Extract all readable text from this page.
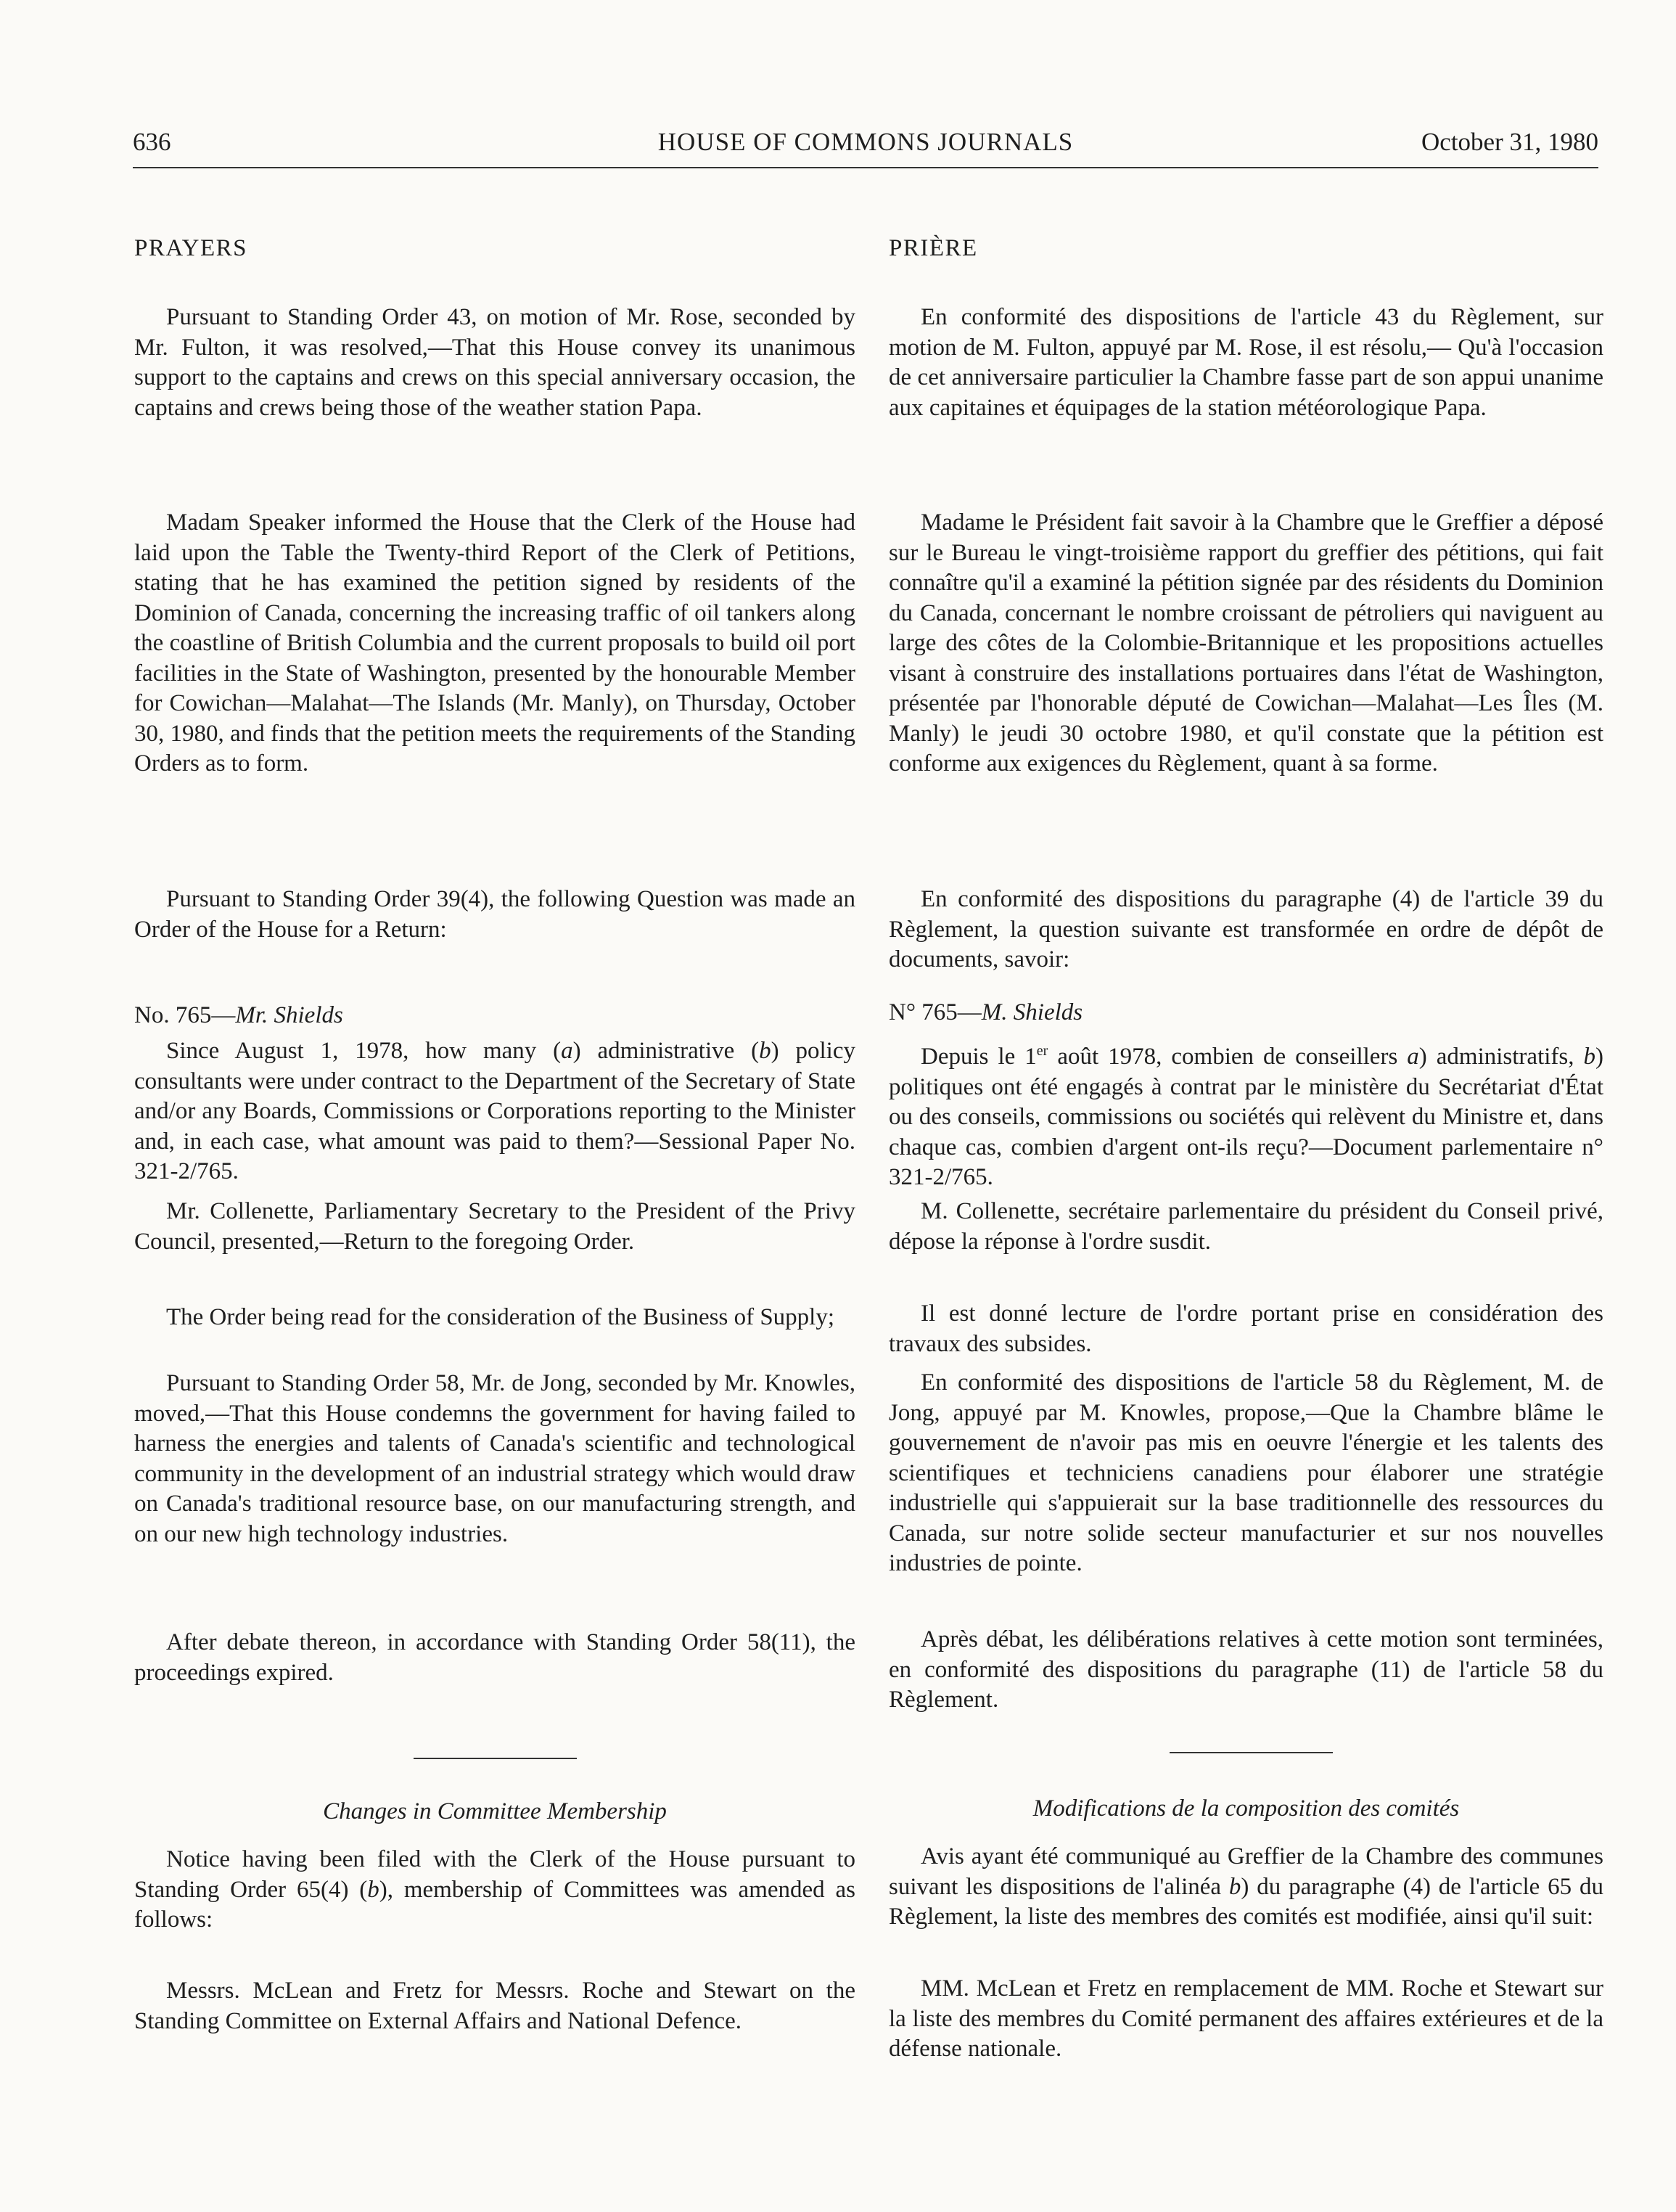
636	HOUSE OF COMMONS JOURNALS	October 31, 1980

PRAYERS

Pursuant to Standing Order 43, on motion of Mr. Rose, seconded by Mr. Fulton, it was resolved,—That this House convey its unanimous support to the captains and crews on this special anniversary occasion, the captains and crews being those of the weather station Papa.

Madam Speaker informed the House that the Clerk of the House had laid upon the Table the Twenty-third Report of the Clerk of Petitions, stating that he has examined the petition signed by residents of the Dominion of Canada, concerning the increasing traffic of oil tankers along the coastline of British Columbia and the current proposals to build oil port facilities in the State of Washington, presented by the honourable Member for Cowichan—Malahat—The Islands (Mr. Manly), on Thursday, October 30, 1980, and finds that the petition meets the requirements of the Standing Orders as to form.

Pursuant to Standing Order 39(4), the following Question was made an Order of the House for a Return:

No. 765—Mr. Shields

Since August 1, 1978, how many (a) administrative (b) policy consultants were under contract to the Department of the Secretary of State and/or any Boards, Commissions or Corporations reporting to the Minister and, in each case, what amount was paid to them?—Sessional Paper No. 321-2/765.

Mr. Collenette, Parliamentary Secretary to the President of the Privy Council, presented,—Return to the foregoing Order.

The Order being read for the consideration of the Business of Supply;

Pursuant to Standing Order 58, Mr. de Jong, seconded by Mr. Knowles, moved,—That this House condemns the government for having failed to harness the energies and talents of Canada's scientific and technological community in the development of an industrial strategy which would draw on Canada's traditional resource base, on our manufacturing strength, and on our new high technology industries.

After debate thereon, in accordance with Standing Order 58(11), the proceedings expired.

Changes in Committee Membership

Notice having been filed with the Clerk of the House pursuant to Standing Order 65(4) (b), membership of Committees was amended as follows:

Messrs. McLean and Fretz for Messrs. Roche and Stewart on the Standing Committee on External Affairs and National Defence.

PRIÈRE

En conformité des dispositions de l'article 43 du Règlement, sur motion de M. Fulton, appuyé par M. Rose, il est résolu,— Qu'à l'occasion de cet anniversaire particulier la Chambre fasse part de son appui unanime aux capitaines et équipages de la station météorologique Papa.

Madame le Président fait savoir à la Chambre que le Greffier a déposé sur le Bureau le vingt-troisième rapport du greffier des pétitions, qui fait connaître qu'il a examiné la pétition signée par des résidents du Dominion du Canada, concernant le nombre croissant de pétroliers qui naviguent au large des côtes de la Colombie-Britannique et les propositions actuelles visant à construire des installations portuaires dans l'état de Washington, présentée par l'honorable député de Cowichan—Malahat—Les Îles (M. Manly) le jeudi 30 octobre 1980, et qu'il constate que la pétition est conforme aux exigences du Règlement, quant à sa forme.

En conformité des dispositions du paragraphe (4) de l'article 39 du Règlement, la question suivante est transformée en ordre de dépôt de documents, savoir:

N° 765—M. Shields

Depuis le 1er août 1978, combien de conseillers a) administratifs, b) politiques ont été engagés à contrat par le ministère du Secrétariat d'État ou des conseils, commissions ou sociétés qui relèvent du Ministre et, dans chaque cas, combien d'argent ont-ils reçu?—Document parlementaire n° 321-2/765.

M. Collenette, secrétaire parlementaire du président du Conseil privé, dépose la réponse à l'ordre susdit.

Il est donné lecture de l'ordre portant prise en considération des travaux des subsides.

En conformité des dispositions de l'article 58 du Règlement, M. de Jong, appuyé par M. Knowles, propose,—Que la Chambre blâme le gouvernement de n'avoir pas mis en oeuvre l'énergie et les talents des scientifiques et techniciens canadiens pour élaborer une stratégie industrielle qui s'appuierait sur la base traditionnelle des ressources du Canada, sur notre solide secteur manufacturier et sur nos nouvelles industries de pointe.

Après débat, les délibérations relatives à cette motion sont terminées, en conformité des dispositions du paragraphe (11) de l'article 58 du Règlement.

Modifications de la composition des comités

Avis ayant été communiqué au Greffier de la Chambre des communes suivant les dispositions de l'alinéa b) du paragraphe (4) de l'article 65 du Règlement, la liste des membres des comités est modifiée, ainsi qu'il suit:

MM. McLean et Fretz en remplacement de MM. Roche et Stewart sur la liste des membres du Comité permanent des affaires extérieures et de la défense nationale.
